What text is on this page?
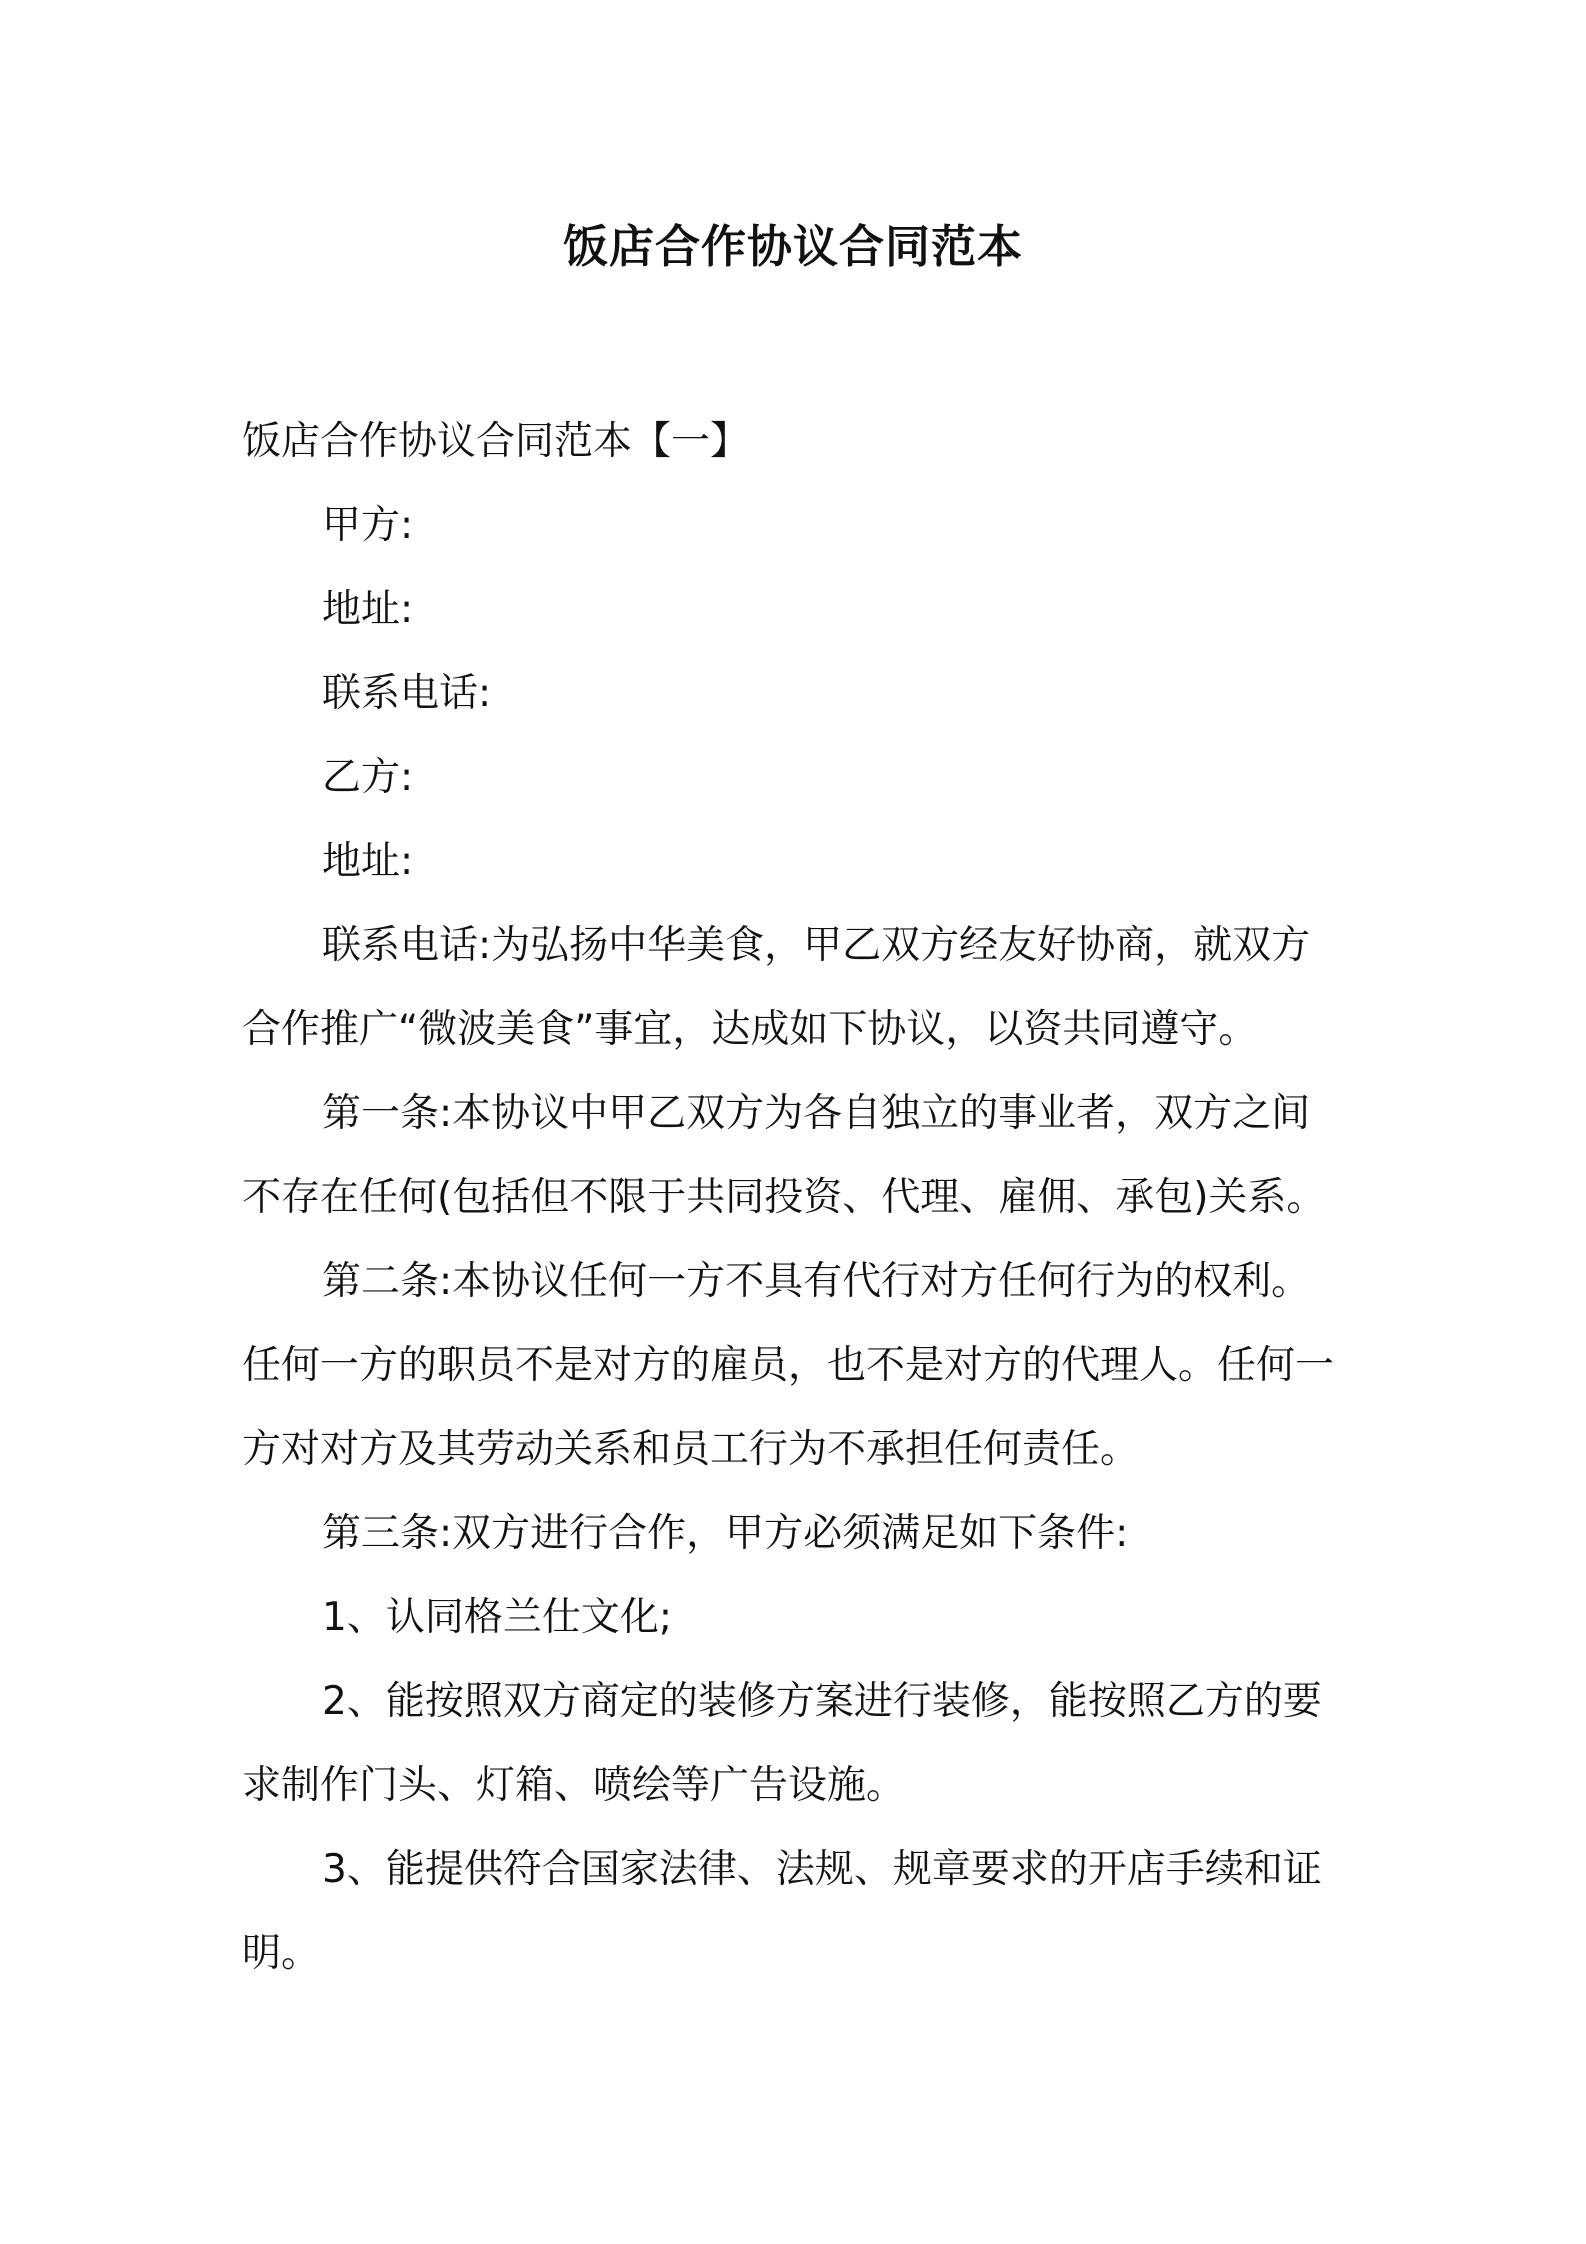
饭店合作协议合同范本

饭店合作协议合同范本【一】

甲方:

地址:

联系电话:

乙方:

地址:

联系电话:为弘扬中华美食，甲乙双方经友好协商，就双方

合作推广“微波美食”事宜，达成如下协议，以资共同遵守。

第一条:本协议中甲乙双方为各自独立的事业者，双方之间

不存在任何(包括但不限于共同投资、代理、雇佣、承包)关系。

第二条:本协议任何一方不具有代行对方任何行为的权利。

任何一方的职员不是对方的雇员，也不是对方的代理人。任何一

方对对方及其劳动关系和员工行为不承担任何责任。

第三条:双方进行合作，甲方必须满足如下条件:

1、认同格兰仕文化;

2、能按照双方商定的装修方案进行装修，能按照乙方的要

求制作门头、灯箱、喷绘等广告设施。

3、能提供符合国家法律、法规、规章要求的开店手续和证

明。
